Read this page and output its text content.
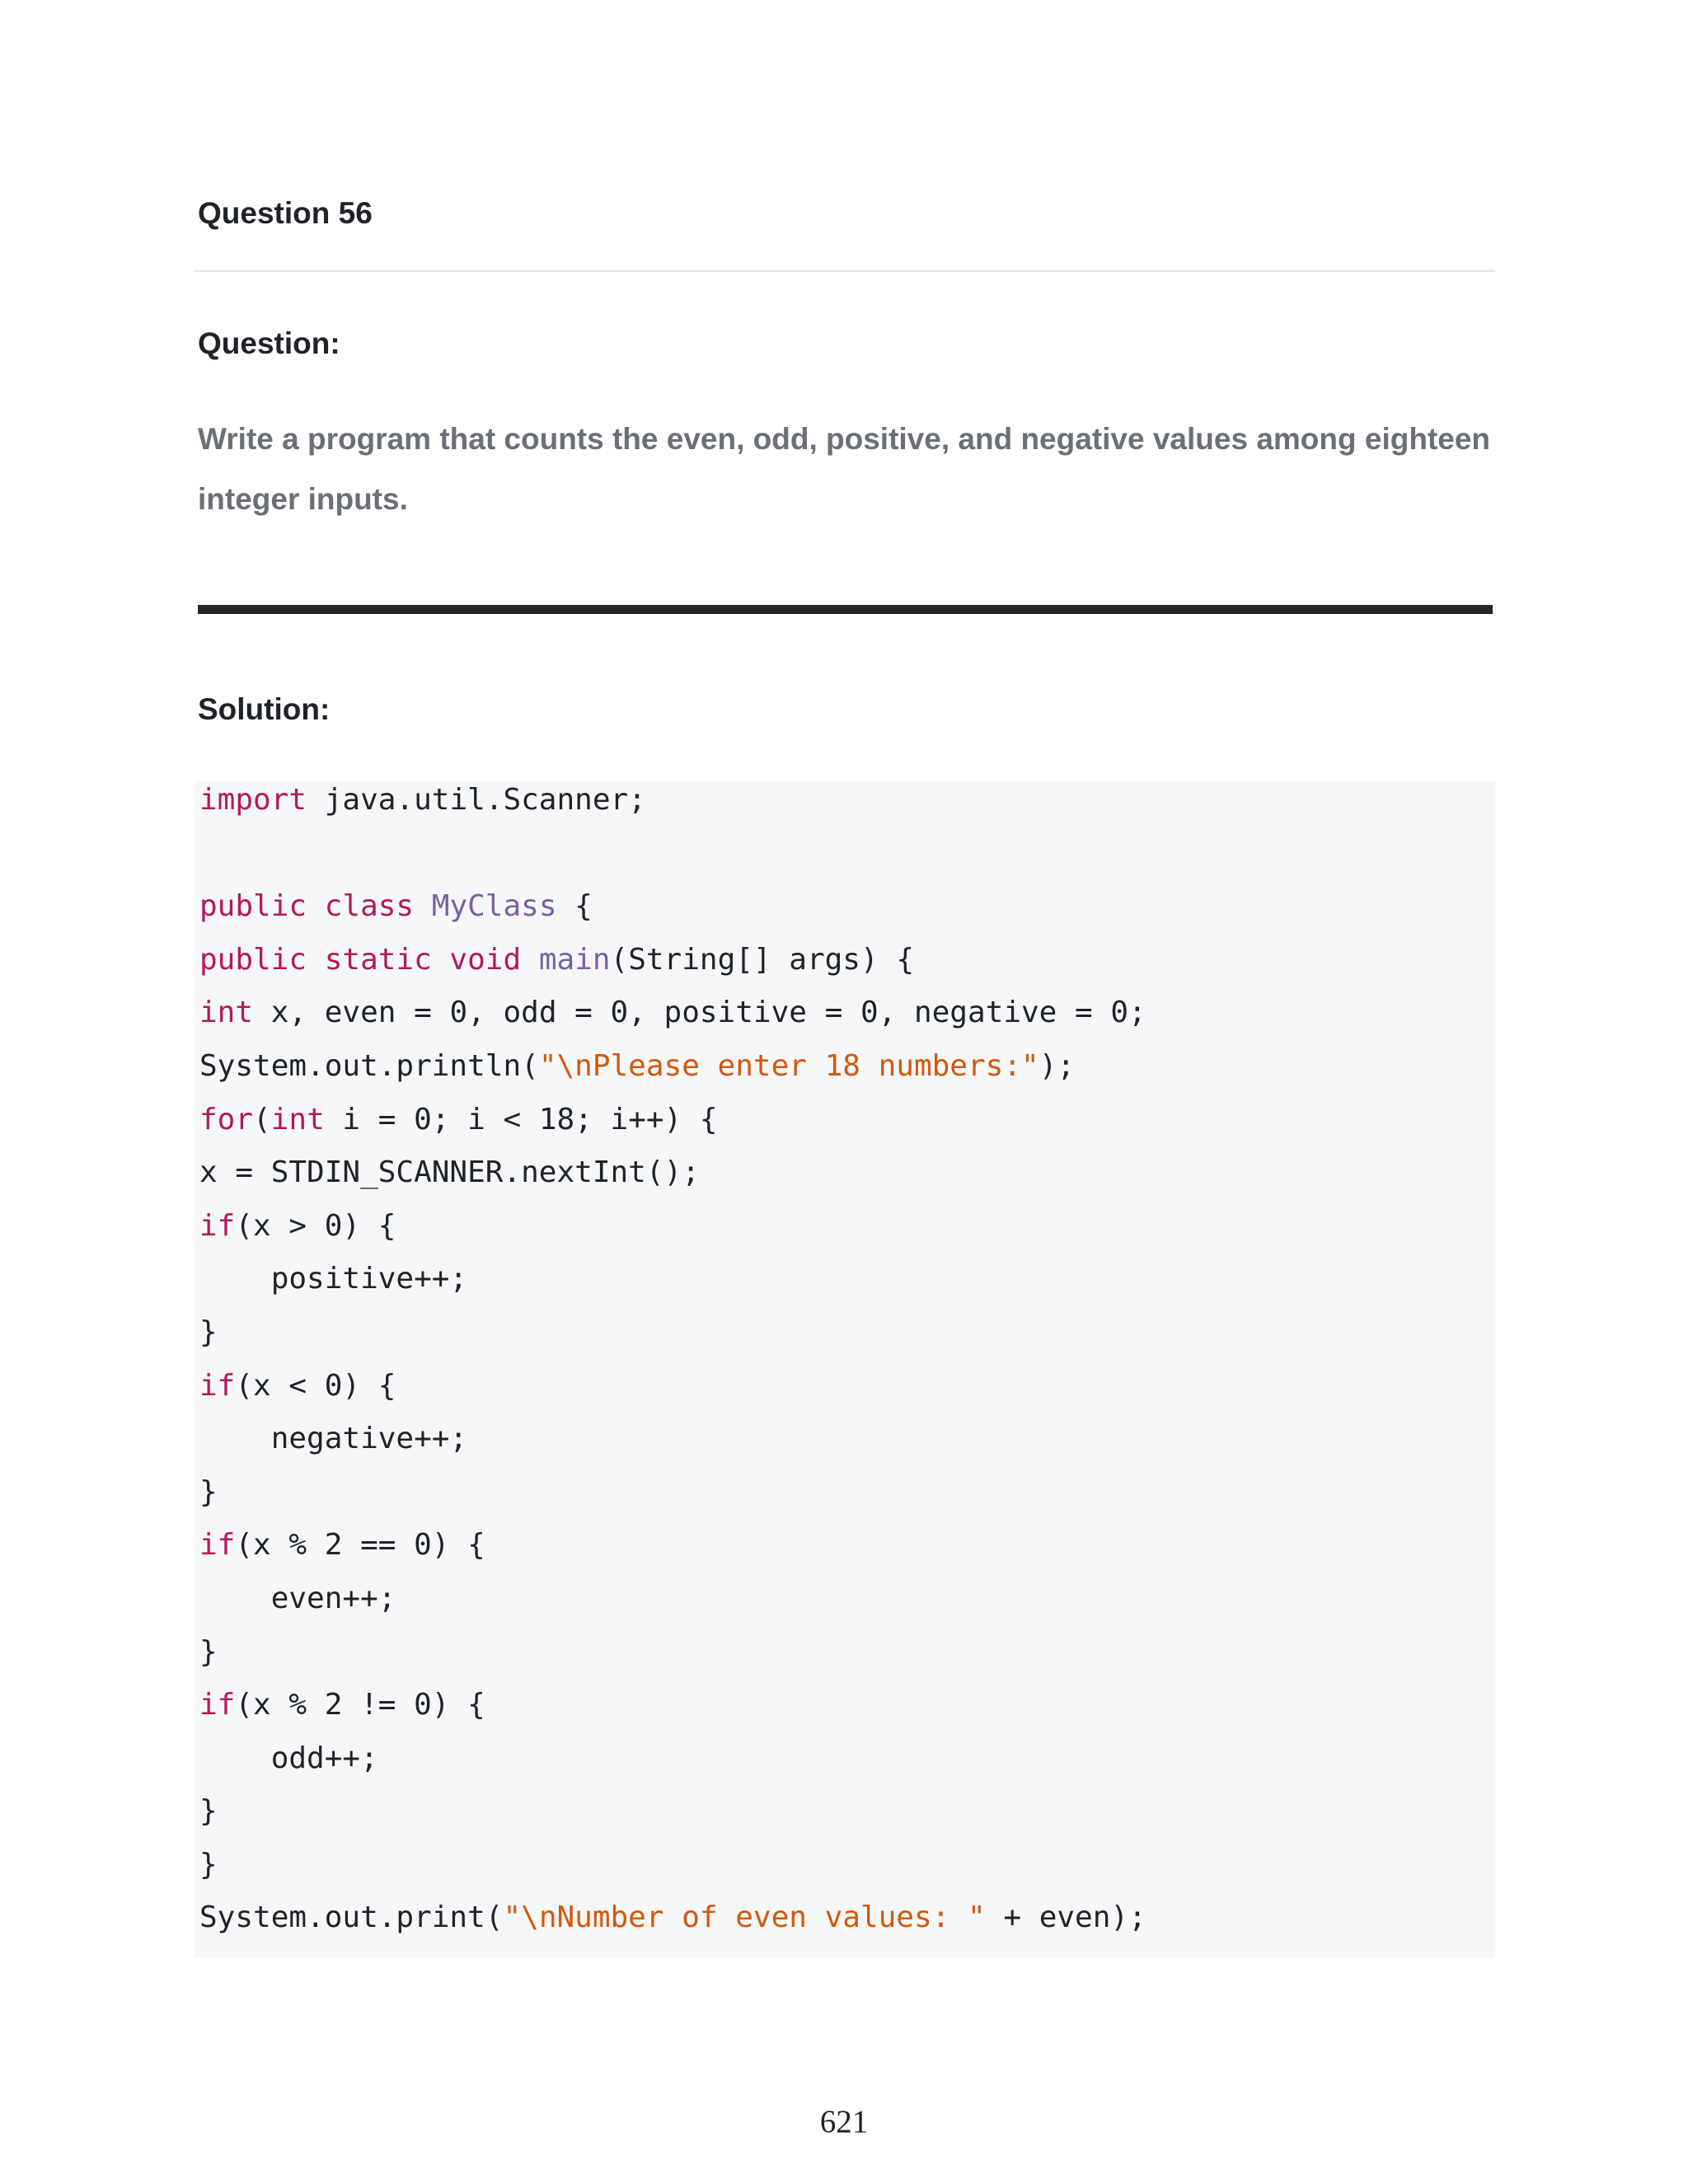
Question 56
Question:

Write a program that counts the even, odd, positive, and negative values among eighteen integer inputs.

Solution:
import java.util.Scanner;
public class MyClass {
public static void main(String[] args) {
int x, even = 0, odd = 0, positive = 0, negative = 0;
System.out.println("\nPlease enter 18 numbers:");
for(int i = 0; i < 18; i++) {
x = STDIN_SCANNER.nextInt();
if(x > 0) {
positive++;
}
if(x < 0) {
negative++;
}
if(x % 2 == 0) {
even++;
}
if(x % 2 != 0) {
odd++;
}
}
System.out.print("\nNumber of even values: " + even);
621
